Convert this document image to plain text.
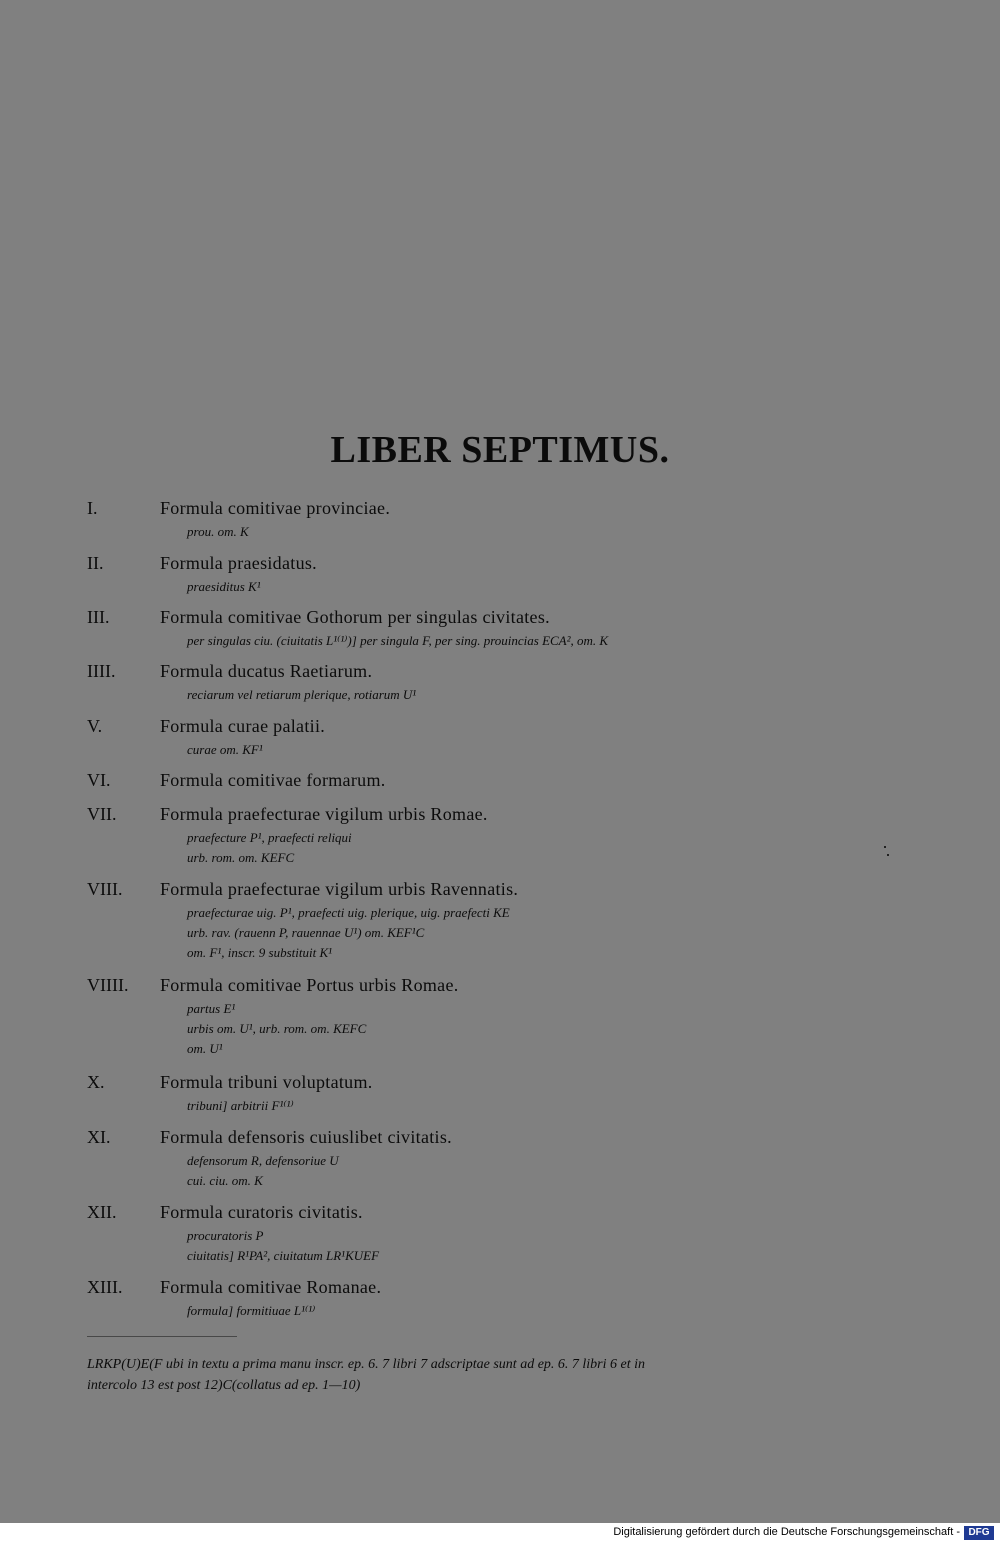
LIBER SEPTIMUS.
I.	Formula comitivae provinciae.
prou. om. K
II.	Formula praesidatus.
praesiditus K¹
III.	Formula comitivae Gothorum per singulas civitates.
per singulas ciu. (ciuitatis L¹⁽¹⁾)] per singula F, per sing. prouincias ECA², om. K
IIII. Formula ducatus Raetiarum.
reciarum vel retiarum plerique, rotiarum U¹
V.	Formula curae palatii.
curae om. KF¹
VI.	Formula comitivae formarum.
VII. Formula praefecturae vigilum urbis Romae.
praefecture P¹, praefecti reliqui
urb. rom. om. KEFC
VIII. Formula praefecturae vigilum urbis Ravennatis.
praefecturae uig. P¹, praefecti uig. plerique, uig. praefecti KE
urb. rav. (rauenn P, rauennae U¹) om. KEF¹C
om. F¹, inscr. 9 substituit K¹
VIIII. Formula comitivae Portus urbis Romae.
partus E¹
urbis om. U¹, urb. rom. om. KEFC
om. U¹
X.	Formula tribuni voluptatum.
tribuni] arbitrii F¹⁽¹⁾
XI.	Formula defensoris cuiuslibet civitatis.
defensorum R, defensoriue U
cui. ciu. om. K
XII. Formula curatoris civitatis.
procuratoris P
ciuitatis] R¹PA², ciuitatum LR¹KUEF
XIII. Formula comitivae Romanae.
formula] formitiuae L¹⁽¹⁾
LRKP(U)E(F ubi in textu a prima manu inscr. ep. 6. 7 libri 7 adscriptae sunt ad ep. 6. 7 libri 6 et in
intercolo 13 est post 12)C(collatus ad ep. 1—10)
Digitalisierung gefördert durch die Deutsche Forschungsgemeinschaft - DFG
